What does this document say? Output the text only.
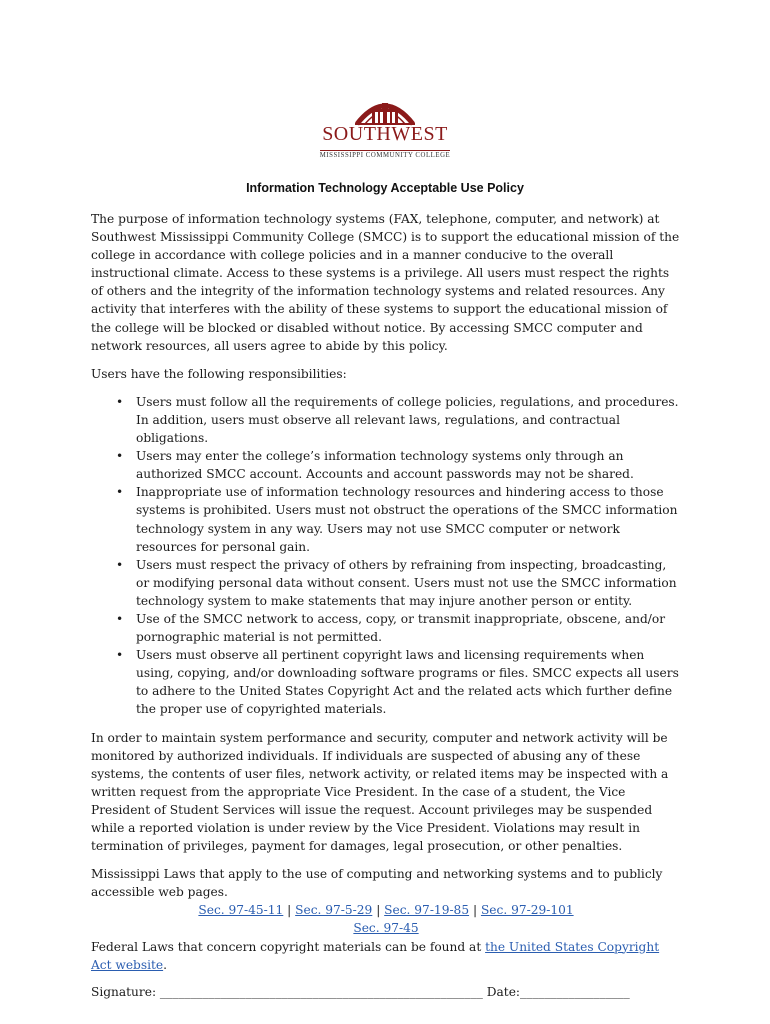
SOUTHWEST
MISSISSIPPI COMMUNITY COLLEGE
Information Technology Acceptable Use Policy

The purpose of information technology systems (FAX, telephone, computer, and network) at Southwest Mississippi Community College (SMCC) is to support the educational mission of the college in accordance with college policies and in a manner conducive to the overall instructional climate. Access to these systems is a privilege. All users must respect the rights of others and the integrity of the information technology systems and related resources. Any activity that interferes with the ability of these systems to support the educational mission of the college will be blocked or disabled without notice. By accessing SMCC computer and network resources, all users agree to abide by this policy.

Users have the following responsibilities:

• Users must follow all the requirements of college policies, regulations, and procedures. In addition, users must observe all relevant laws, regulations, and contractual obligations.
• Users may enter the college’s information technology systems only through an authorized SMCC account. Accounts and account passwords may not be shared.
• Inappropriate use of information technology resources and hindering access to those systems is prohibited. Users must not obstruct the operations of the SMCC information technology system in any way. Users may not use SMCC computer or network resources for personal gain.
• Users must respect the privacy of others by refraining from inspecting, broadcasting, or modifying personal data without consent. Users must not use the SMCC information technology system to make statements that may injure another person or entity.
• Use of the SMCC network to access, copy, or transmit inappropriate, obscene, and/or pornographic material is not permitted.
• Users must observe all pertinent copyright laws and licensing requirements when using, copying, and/or downloading software programs or files. SMCC expects all users to adhere to the United States Copyright Act and the related acts which further define the proper use of copyrighted materials.

In order to maintain system performance and security, computer and network activity will be monitored by authorized individuals. If individuals are suspected of abusing any of these systems, the contents of user files, network activity, or related items may be inspected with a written request from the appropriate Vice President. In the case of a student, the Vice President of Student Services will issue the request. Account privileges may be suspended while a reported violation is under review by the Vice President. Violations may result in termination of privileges, payment for damages, legal prosecution, or other penalties.

Mississippi Laws that apply to the use of computing and networking systems and to publicly accessible web pages.

Sec. 97-45-11 | Sec. 97-5-29 | Sec. 97-19-85 | Sec. 97-29-101
Sec. 97-45

Federal Laws that concern copyright materials can be found at the United States Copyright Act website.

Signature: _____________________________________________________ Date:__________________
